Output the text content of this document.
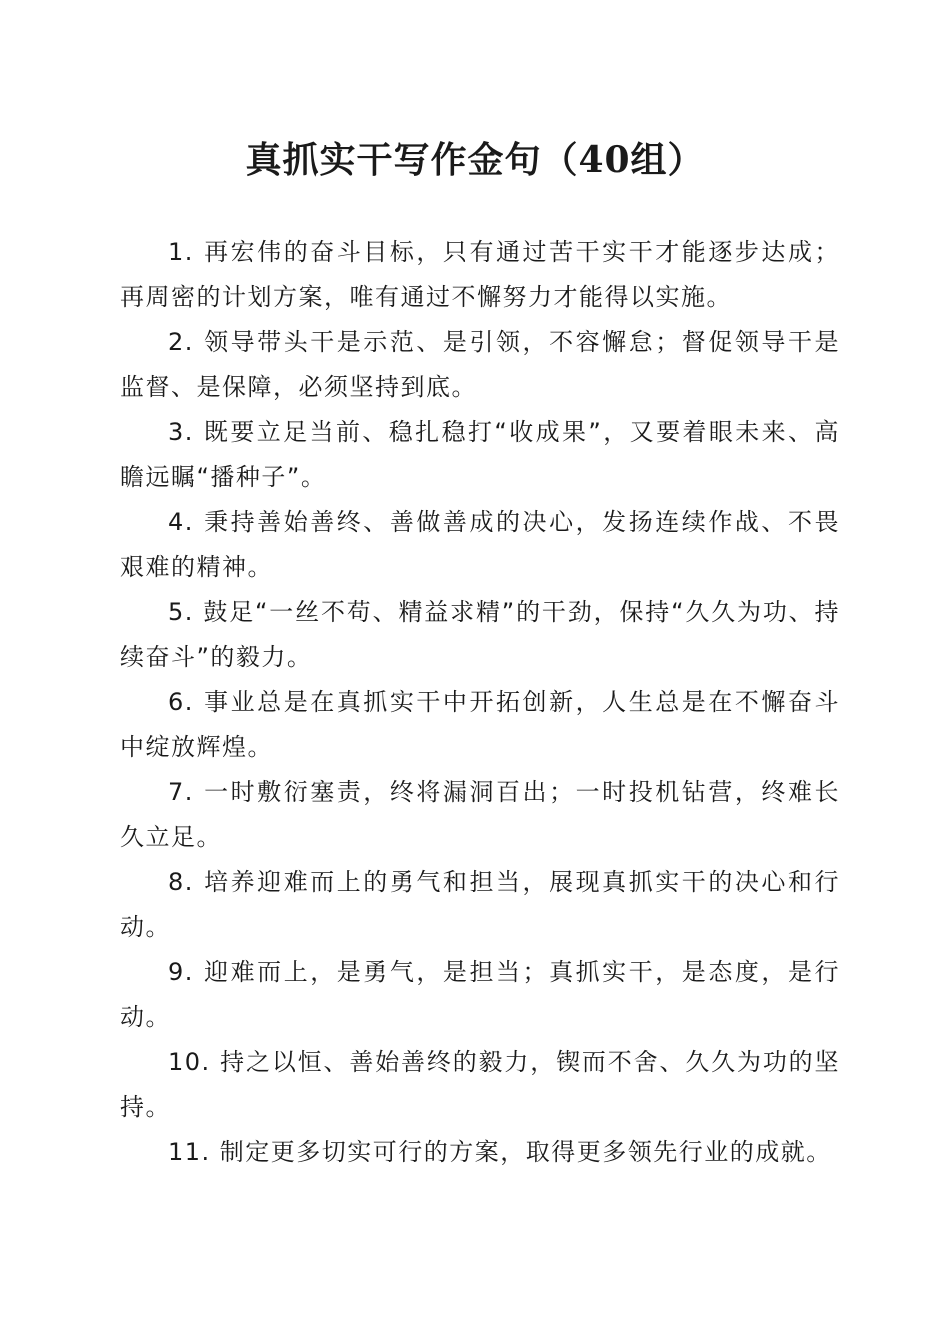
真抓实干写作金句（40组）

1. 再宏伟的奋斗目标，只有通过苦干实干才能逐步达成；再周密的计划方案，唯有通过不懈努力才能得以实施。

2. 领导带头干是示范、是引领，不容懈怠；督促领导干是监督、是保障，必须坚持到底。

3. 既要立足当前、稳扎稳打“收成果”，又要着眼未来、高瞻远瞩“播种子”。

4. 秉持善始善终、善做善成的决心，发扬连续作战、不畏艰难的精神。

5. 鼓足“一丝不苟、精益求精”的干劲，保持“久久为功、持续奋斗”的毅力。

6. 事业总是在真抓实干中开拓创新，人生总是在不懈奋斗中绽放辉煌。

7. 一时敷衍塞责，终将漏洞百出；一时投机钻营，终难长久立足。

8. 培养迎难而上的勇气和担当，展现真抓实干的决心和行动。

9. 迎难而上，是勇气，是担当；真抓实干，是态度，是行动。

10. 持之以恒、善始善终的毅力，锲而不舍、久久为功的坚持。

11. 制定更多切实可行的方案，取得更多领先行业的成就。
